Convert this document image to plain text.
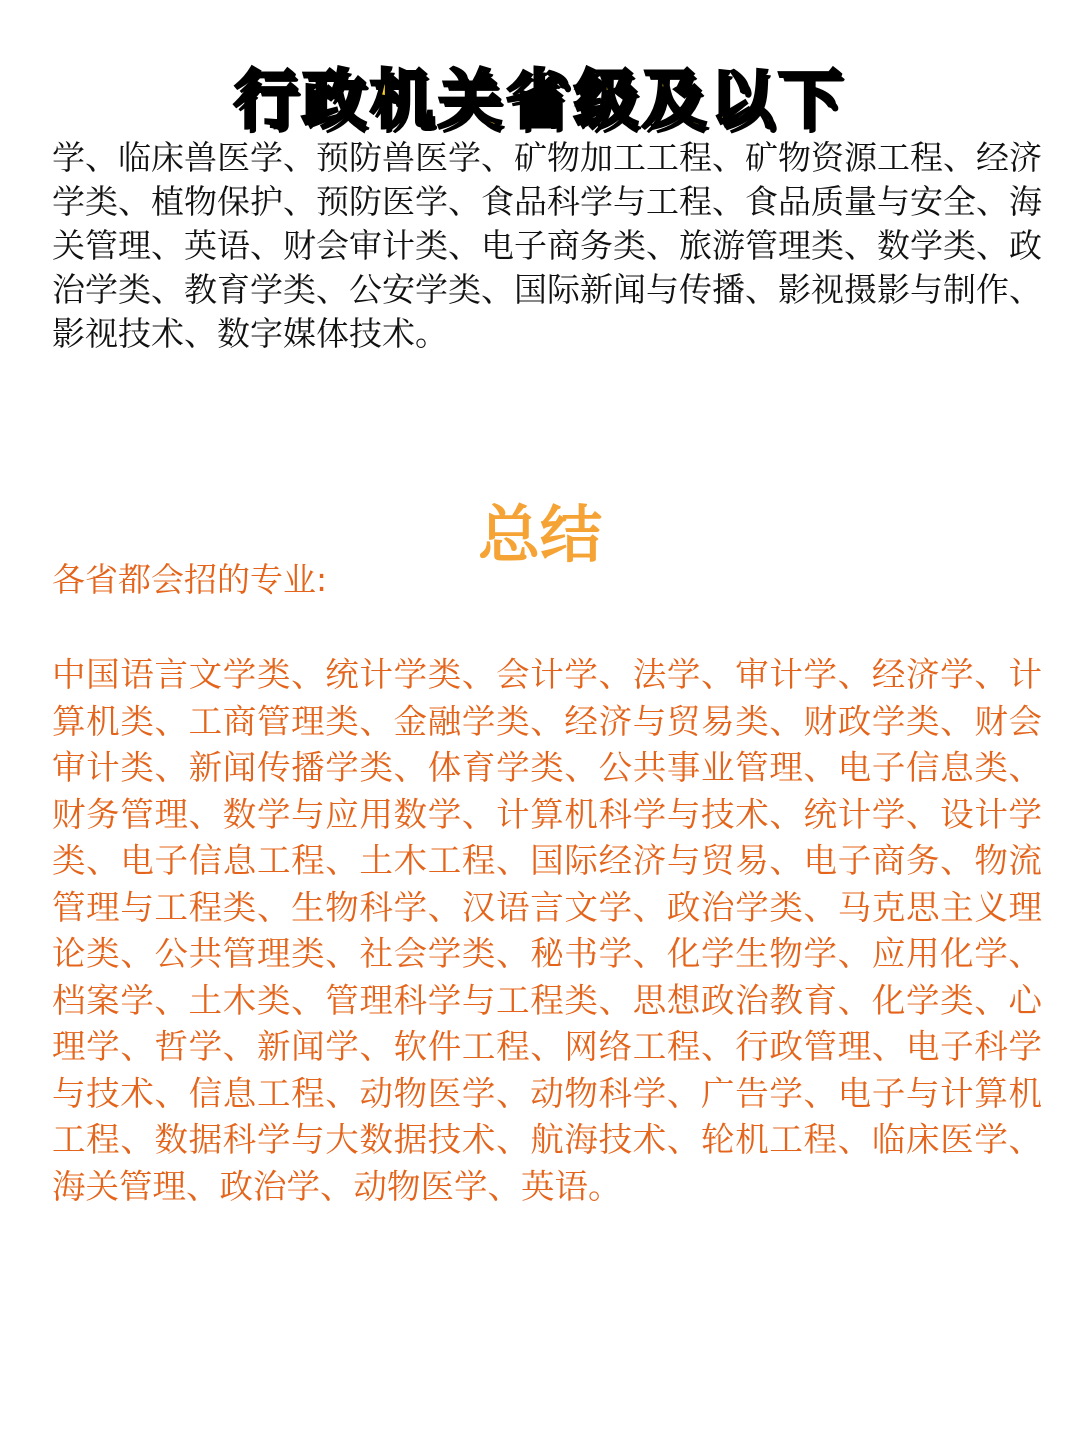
行政机关省级及以下

学、临床兽医学、预防兽医学、矿物加工工程、矿物资源工程、经济学类、植物保护、预防医学、食品科学与工程、食品质量与安全、海关管理、英语、财会审计类、电子商务类、旅游管理类、数学类、政治学类、教育学类、公安学类、国际新闻与传播、影视摄影与制作、影视技术、数字媒体技术。

总结

各省都会招的专业:

中国语言文学类、统计学类、会计学、法学、审计学、经济学、计算机类、工商管理类、金融学类、经济与贸易类、财政学类、财会审计类、新闻传播学类、体育学类、公共事业管理、电子信息类、财务管理、数学与应用数学、计算机科学与技术、统计学、设计学类、电子信息工程、土木工程、国际经济与贸易、电子商务、物流管理与工程类、生物科学、汉语言文学、政治学类、马克思主义理论类、公共管理类、社会学类、秘书学、化学生物学、应用化学、档案学、土木类、管理科学与工程类、思想政治教育、化学类、心理学、哲学、新闻学、软件工程、网络工程、行政管理、电子科学与技术、信息工程、动物医学、动物科学、广告学、电子与计算机工程、数据科学与大数据技术、航海技术、轮机工程、临床医学、海关管理、政治学、动物医学、英语。
